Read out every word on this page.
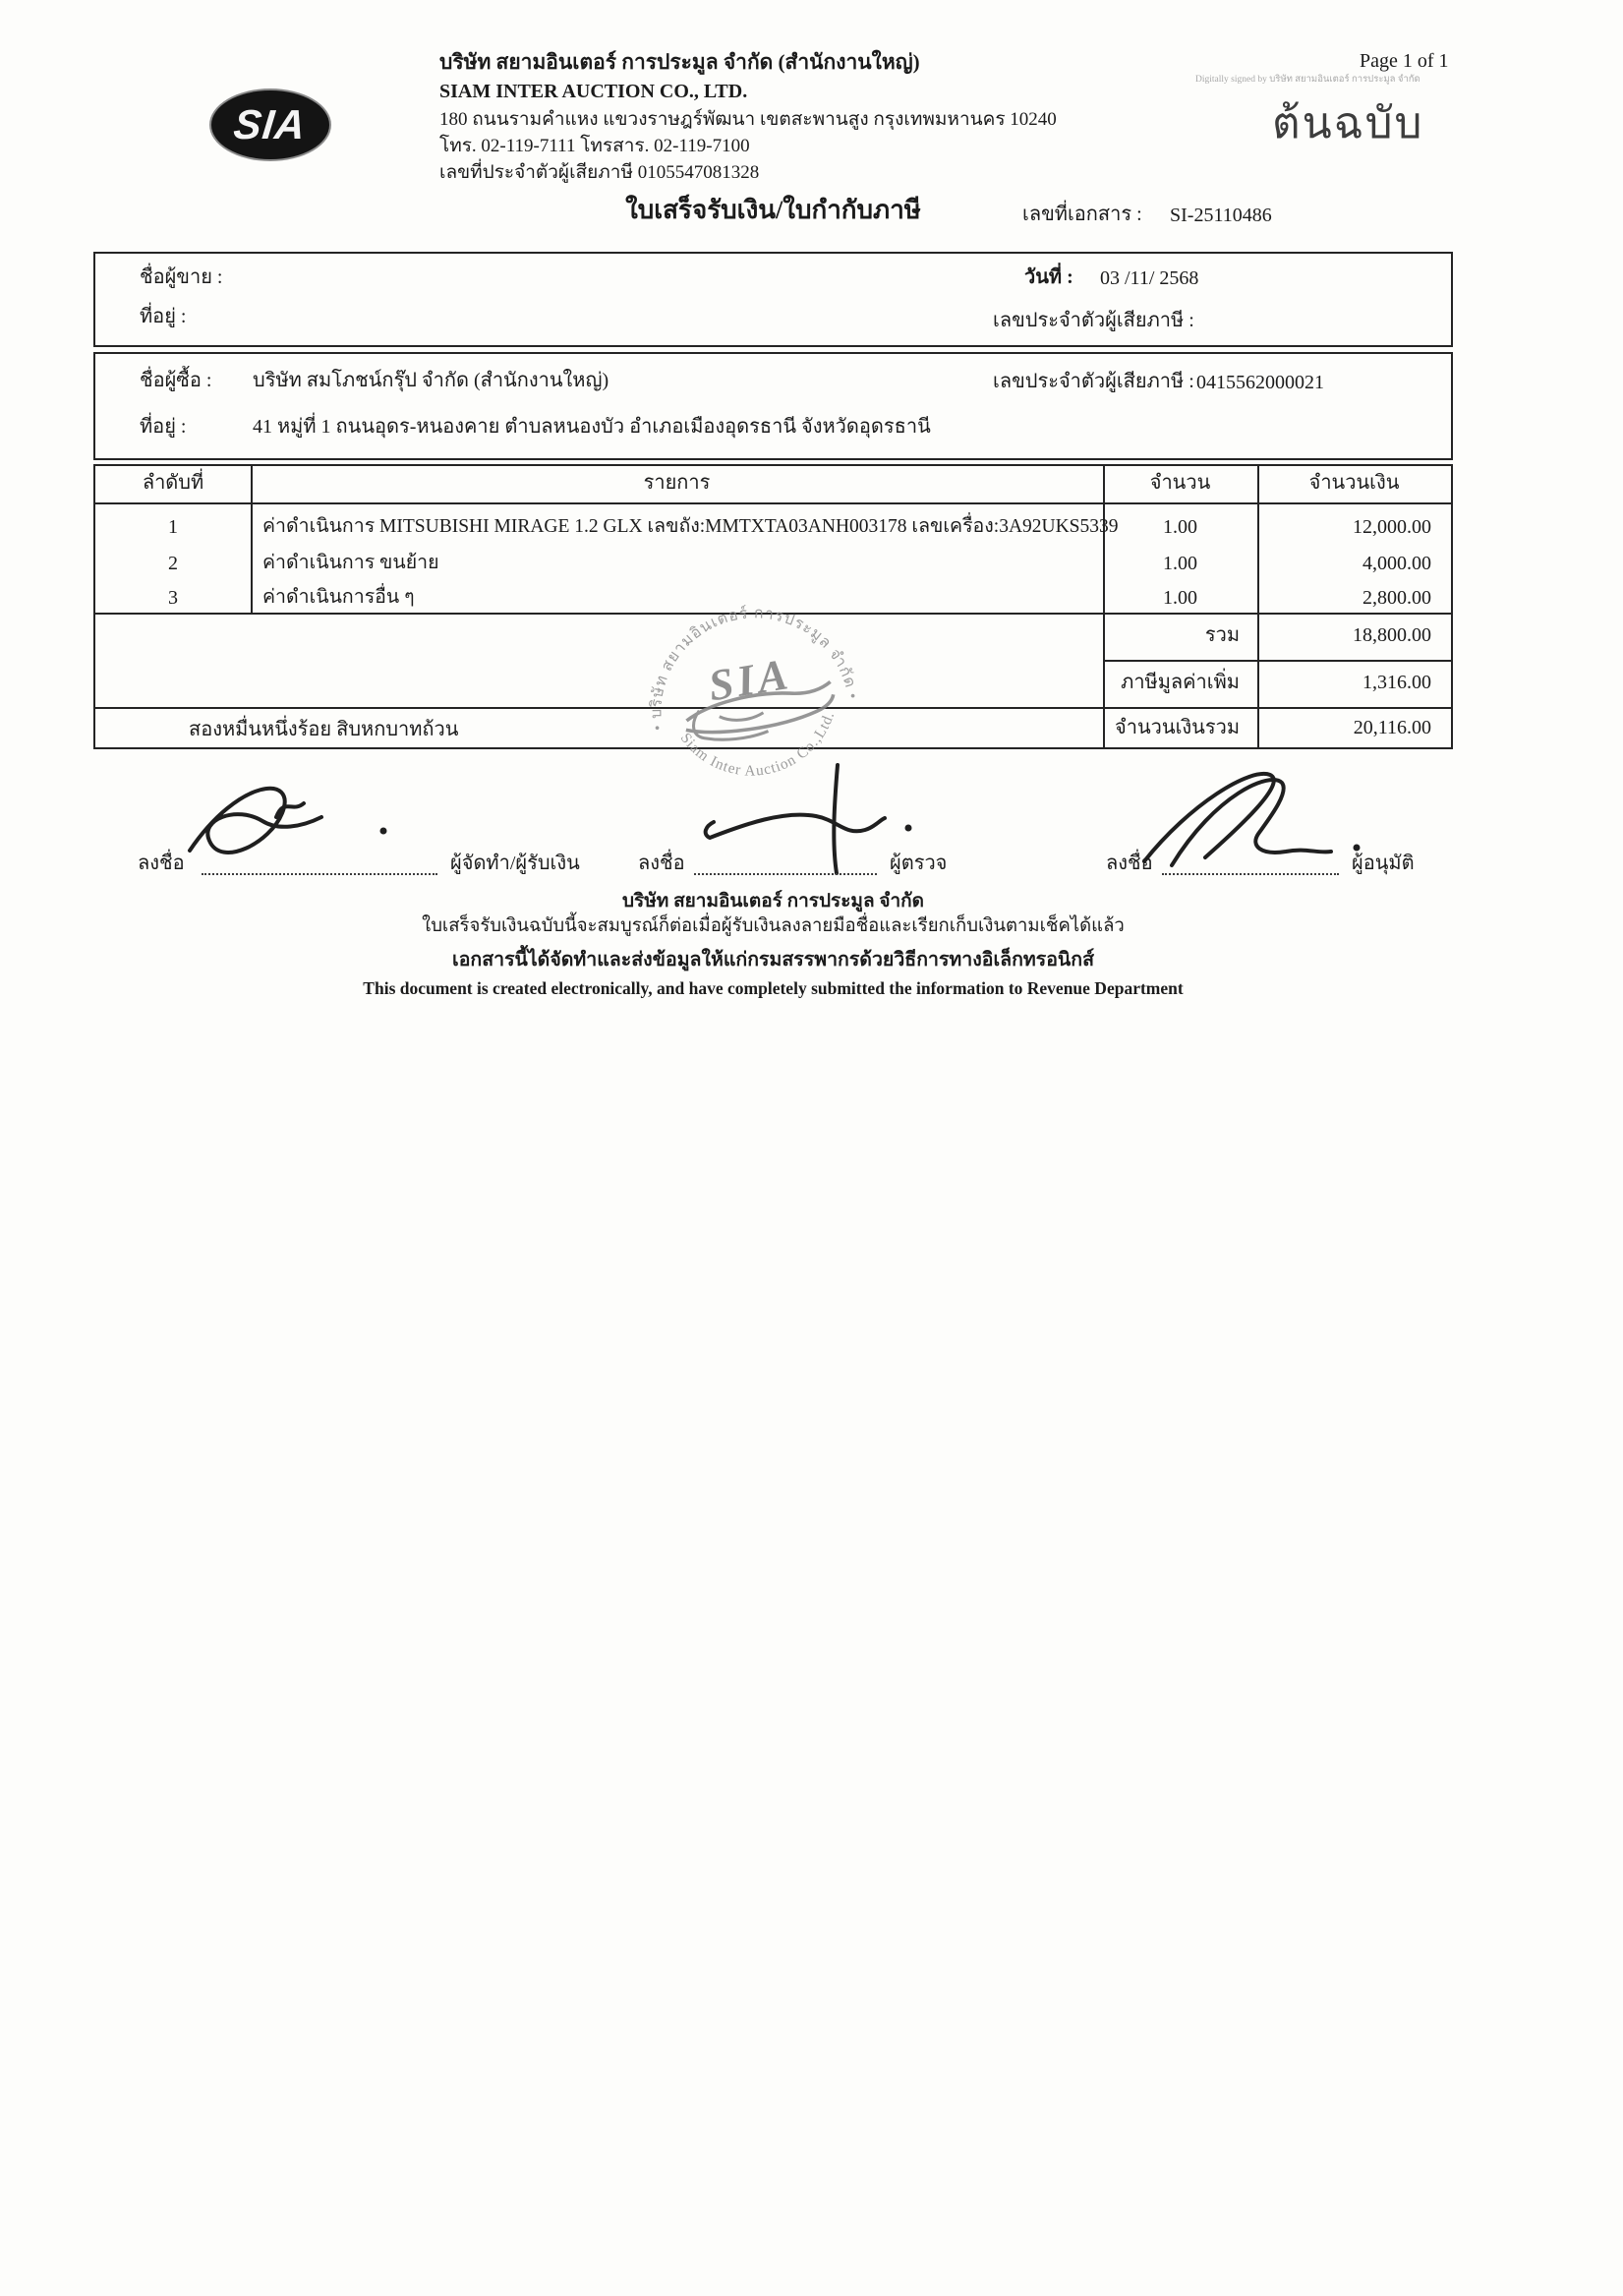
SIA
บริษัท สยามอินเตอร์ การประมูล จำกัด (สำนักงานใหญ่)
SIAM INTER AUCTION CO., LTD.
180 ถนนรามคำแหง แขวงราษฎร์พัฒนา เขตสะพานสูง กรุงเทพมหานคร 10240
โทร. 02-119-7111 โทรสาร. 02-119-7100
เลขที่ประจำตัวผู้เสียภาษี 0105547081328
Page 1 of 1
Digitally signed by บริษัท สยามอินเตอร์ การประมูล จำกัด
ต้นฉบับ
ใบเสร็จรับเงิน/ใบกำกับภาษี	เลขที่เอกสาร : SI-25110486
ชื่อผู้ขาย :
ที่อยู่ :
วันที่ : 03 /11/ 2568
เลขประจำตัวผู้เสียภาษี :
ชื่อผู้ซื้อ : บริษัท สมโภชน์กรุ๊ป จำกัด (สำนักงานใหญ่)	เลขประจำตัวผู้เสียภาษี : 0415562000021
ที่อยู่ :	41 หมู่ที่ 1 ถนนอุดร-หนองคาย ตำบลหนองบัว อำเภอเมืองอุดรธานี จังหวัดอุดรธานี
ลำดับที่	รายการ	จำนวน	จำนวนเงิน
1	ค่าดำเนินการ MITSUBISHI MIRAGE 1.2 GLX เลขถัง:MMTXTA03ANH003178 เลขเครื่อง:3A92UKS5339	1.00	12,000.00
2	ค่าดำเนินการ ขนย้าย	1.00	4,000.00
3	ค่าดำเนินการอื่น ๆ	1.00	2,800.00
รวม	18,800.00
ภาษีมูลค่าเพิ่ม	1,316.00
จำนวนเงินรวม	20,116.00
สองหมื่นหนึ่งร้อย สิบหกบาทถ้วน	• บริษัท สยามอินเตอร์ การประมูล จำกัด •
Siam Inter Auction Co.,Ltd.
SIA
ลงชื่อ	ผู้จัดทำ/ผู้รับเงิน	ลงชื่อ	ผู้ตรวจ	ลงชื่อ	ผู้อนุมัติ
บริษัท สยามอินเตอร์ การประมูล จำกัด
ใบเสร็จรับเงินฉบับนี้จะสมบูรณ์ก็ต่อเมื่อผู้รับเงินลงลายมือชื่อและเรียกเก็บเงินตามเช็คได้แล้ว
เอกสารนี้ได้จัดทำและส่งข้อมูลให้แก่กรมสรรพากรด้วยวิธีการทางอิเล็กทรอนิกส์
This document is created electronically, and have completely submitted the information to Revenue Department
